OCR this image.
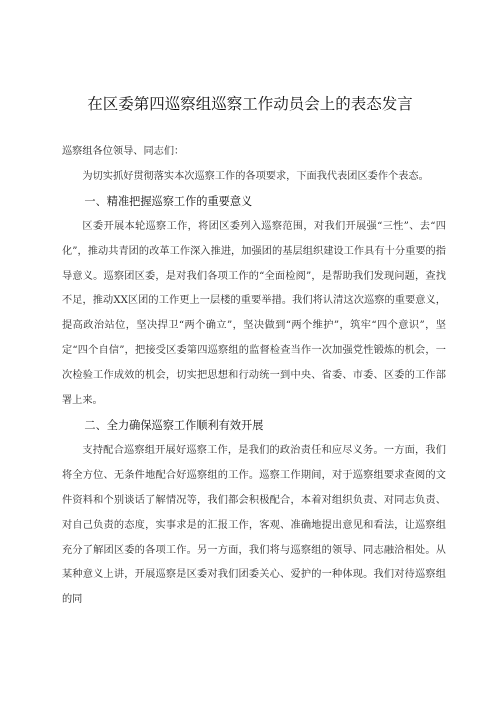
在区委第四巡察组巡察工作动员会上的表态发言

巡察组各位领导、同志们：

为切实抓好贯彻落实本次巡察工作的各项要求，下面我代表团区委作个表态。

一、精准把握巡察工作的重要意义

区委开展本轮巡察工作，将团区委列入巡察范围，对我们开展强“三性”、去“四化”，推动共青团的改革工作深入推进，加强团的基层组织建设工作具有十分重要的指导意义。巡察团区委，是对我们各项工作的“全面检阅”，是帮助我们发现问题，查找不足，推动XX区团的工作更上一层楼的重要举措。我们将认清这次巡察的重要意义，提高政治站位，坚决捍卫“两个确立”，坚决做到“两个维护”，筑牢“四个意识”，坚定“四个自信”，把接受区委第四巡察组的监督检查当作一次加强党性锻炼的机会，一次检验工作成效的机会，切实把思想和行动统一到中央、省委、市委、区委的工作部署上来。

二、全力确保巡察工作顺利有效开展

支持配合巡察组开展好巡察工作，是我们的政治责任和应尽义务。一方面，我们将全方位、无条件地配合好巡察组的工作。巡察工作期间，对于巡察组要求查阅的文件资料和个别谈话了解情况等，我们都会积极配合，本着对组织负责、对同志负责、对自己负责的态度，实事求是的汇报工作，客观、准确地提出意见和看法，让巡察组充分了解团区委的各项工作。另一方面，我们将与巡察组的领导、同志融洽相处。从某种意义上讲，开展巡察是区委对我们团委关心、爱护的一种体现。我们对待巡察组的同
